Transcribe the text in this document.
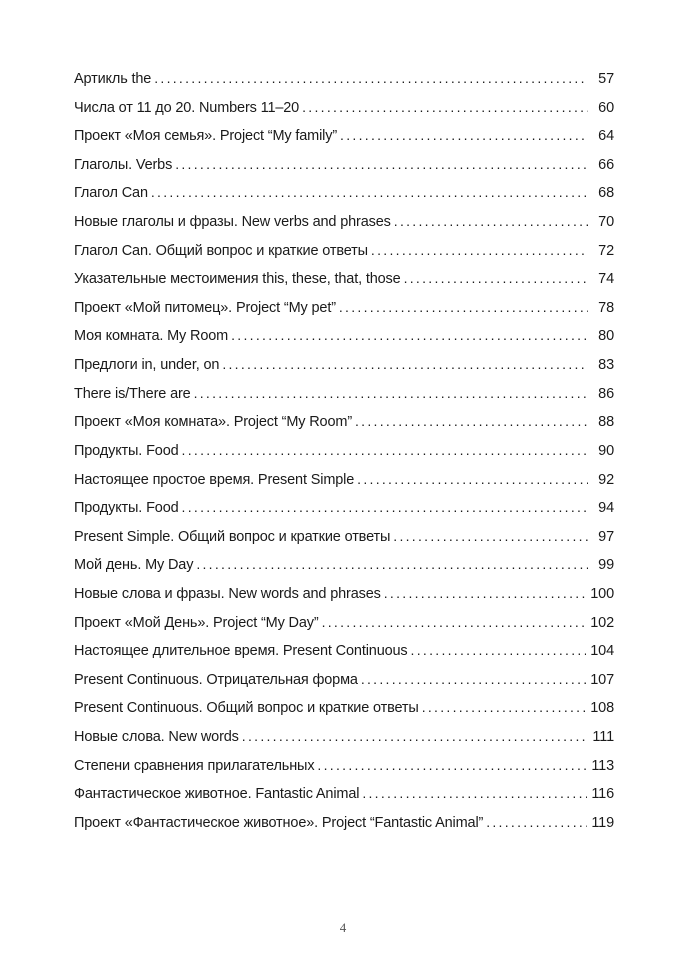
Артикль the . . .	57
Числа от 11 до 20. Numbers 11–20 . . .	60
Проект «Моя семья». Project “My family” . . .	64
Глаголы. Verbs . . .	66
Глагол Can . . .	68
Новые глаголы и фразы. New verbs and phrases . . .	70
Глагол Can. Общий вопрос и краткие ответы . . .	72
Указательные местоимения this, these, that, those . . .	74
Проект «Мой питомец». Project “My pet” . . .	78
Моя комната. My Room . . .	80
Предлоги in, under, on . . .	83
There is/There are . . .	86
Проект «Моя комната». Project “My Room” . . .	88
Продукты. Food . . .	90
Настоящее простое время. Present Simple . . .	92
Продукты. Food . . .	94
Present Simple. Общий вопрос и краткие ответы . . .	97
Мой день. My Day . . .	99
Новые слова и фразы. New words and phrases . . .	100
Проект «Мой День». Project “My Day” . . .	102
Настоящее длительное время. Present Continuous . . .	104
Present Continuous. Отрицательная форма . . .	107
Present Continuous. Общий вопрос и краткие ответы . . .	108
Новые слова. New words . . .	111
Степени сравнения прилагательных . . .	113
Фантастическое животное. Fantastic Animal . . .	116
Проект «Фантастическое животное». Project “Fantastic Animal” . . .	119
4
